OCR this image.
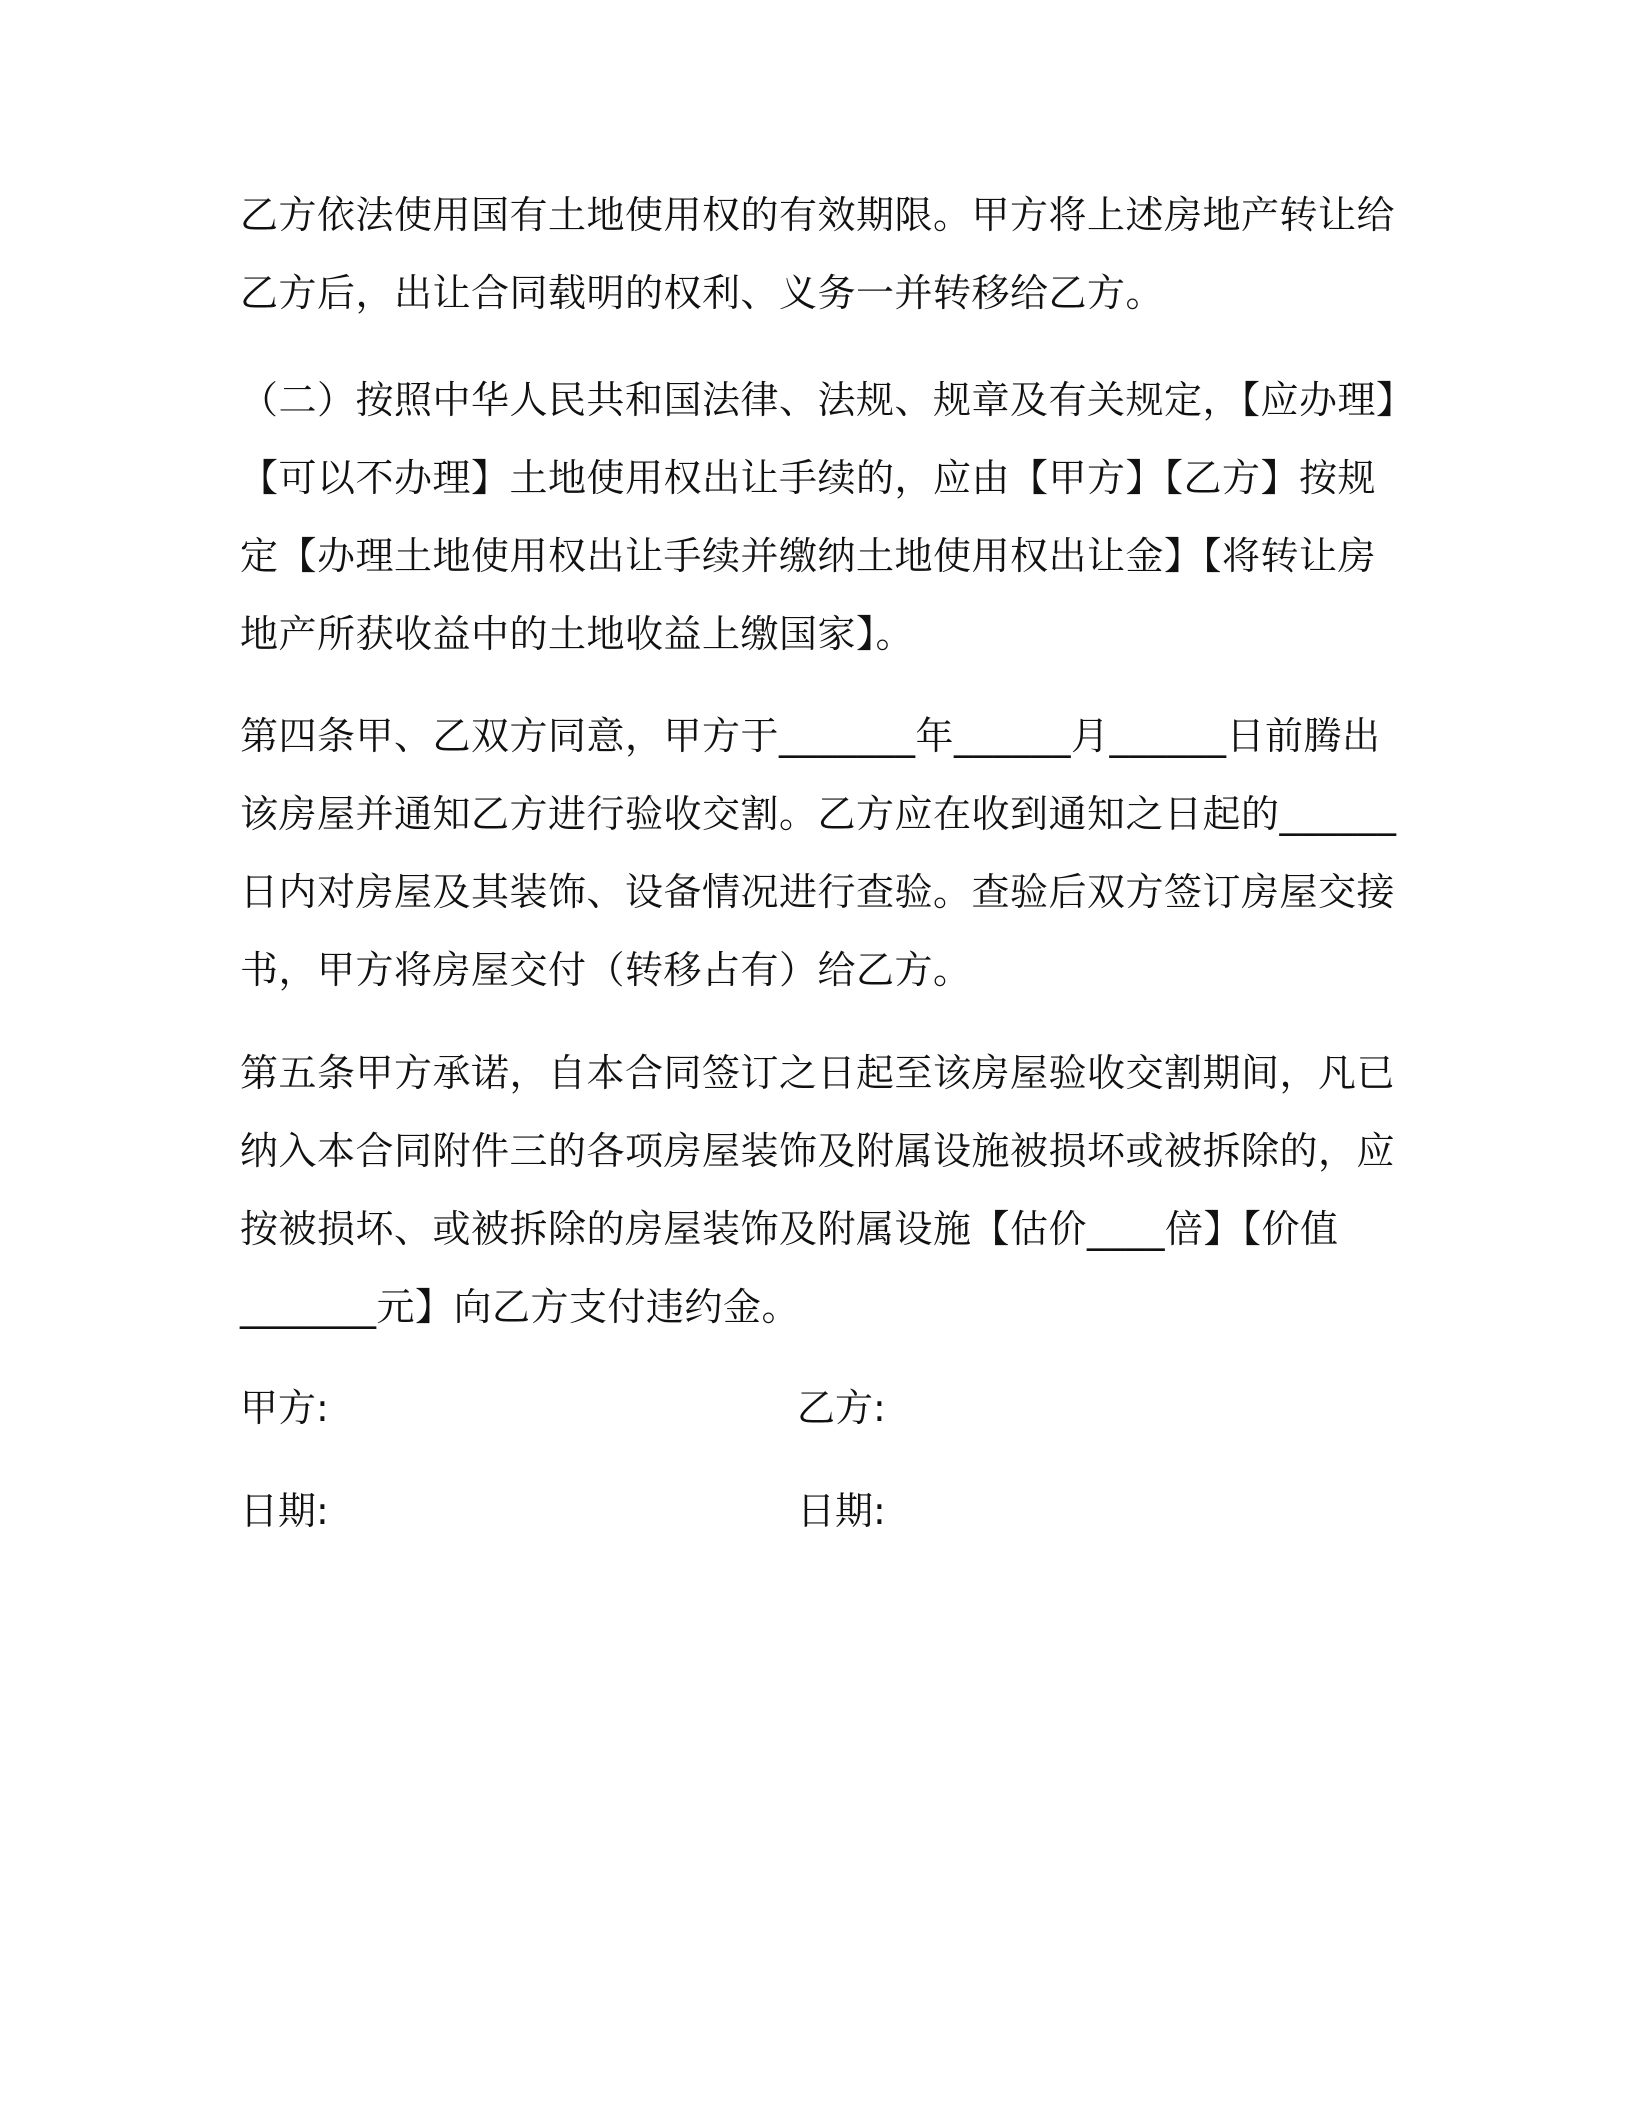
乙方依法使用国有土地使用权的有效期限。甲方将上述房地产转让给
乙方后，出让合同载明的权利、义务一并转移给乙方。
（二）按照中华人民共和国法律、法规、规章及有关规定，【应办理】
【可以不办理】土地使用权出让手续的，应由【甲方】【乙方】按规
定【办理土地使用权出让手续并缴纳土地使用权出让金】【将转让房
地产所获收益中的土地收益上缴国家】。
第四条甲、乙双方同意，甲方于_______年______月______日前腾出
该房屋并通知乙方进行验收交割。乙方应在收到通知之日起的______
日内对房屋及其装饰、设备情况进行查验。查验后双方签订房屋交接
书，甲方将房屋交付（转移占有）给乙方。
第五条甲方承诺，自本合同签订之日起至该房屋验收交割期间，凡已
纳入本合同附件三的各项房屋装饰及附属设施被损坏或被拆除的，应
按被损坏、或被拆除的房屋装饰及附属设施【估价____倍】【价值
_______元】向乙方支付违约金。
甲方:	乙方:
日期:	日期:
